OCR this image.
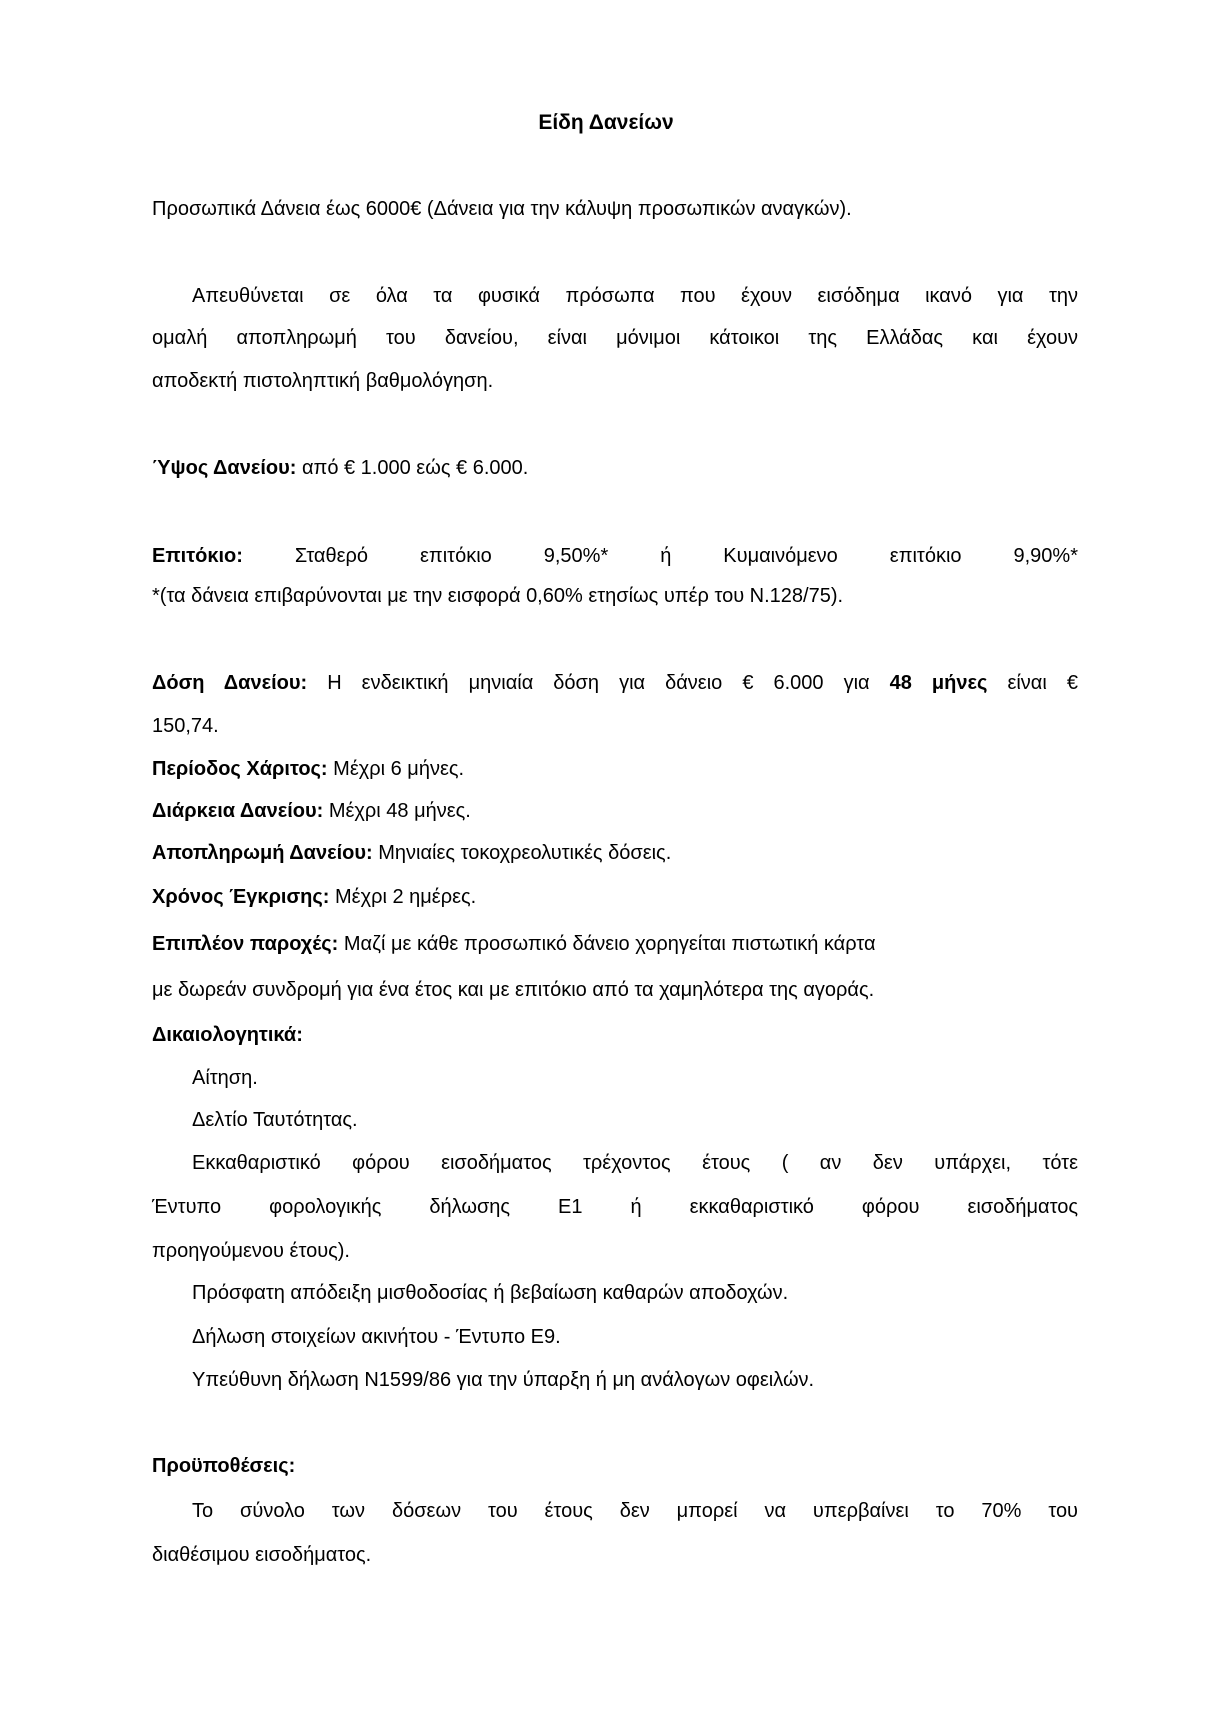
Είδη Δανείων
Προσωπικά Δάνεια έως 6000€ (Δάνεια για την κάλυψη προσωπικών αναγκών).
Απευθύνεται σε όλα τα φυσικά πρόσωπα που έχουν εισόδημα ικανό για την
ομαλή αποπληρωμή του δανείου, είναι μόνιμοι κάτοικοι της Ελλάδας και έχουν
αποδεκτή πιστοληπτική βαθμολόγηση.
Ύψος Δανείου: από € 1.000 εώς € 6.000.
Επιτόκιο: Σταθερό επιτόκιο 9,50%* ή Κυμαινόμενο επιτόκιο 9,90%*
*(τα δάνεια επιβαρύνονται με την εισφορά 0,60% ετησίως υπέρ του Ν.128/75).
Δόση Δανείου: Η ενδεικτική μηνιαία δόση για δάνειο € 6.000 για 48 μήνες είναι €
150,74.
Περίοδος Χάριτος: Μέχρι 6 μήνες.
Διάρκεια Δανείου: Μέχρι 48 μήνες.
Αποπληρωμή Δανείου: Μηνιαίες τοκοχρεολυτικές δόσεις.
Χρόνος Έγκρισης: Μέχρι 2 ημέρες.
Επιπλέον παροχές: Μαζί με κάθε προσωπικό δάνειο χορηγείται πιστωτική κάρτα
με δωρεάν συνδρομή για ένα έτος και με επιτόκιο από τα χαμηλότερα της αγοράς.
Δικαιολογητικά:
Αίτηση.
Δελτίο Ταυτότητας.
Εκκαθαριστικό φόρου εισοδήματος τρέχοντος έτους ( αν δεν υπάρχει, τότε
Έντυπο φορολογικής δήλωσης Ε1 ή εκκαθαριστικό φόρου εισοδήματος
προηγούμενου έτους).
Πρόσφατη απόδειξη μισθοδοσίας ή βεβαίωση καθαρών αποδοχών.
Δήλωση στοιχείων ακινήτου - Έντυπο Ε9.
Υπεύθυνη δήλωση Ν1599/86 για την ύπαρξη ή μη ανάλογων οφειλών.
Προϋποθέσεις:
Το σύνολο των δόσεων του έτους δεν μπορεί να υπερβαίνει το 70% του
διαθέσιμου εισοδήματος.
